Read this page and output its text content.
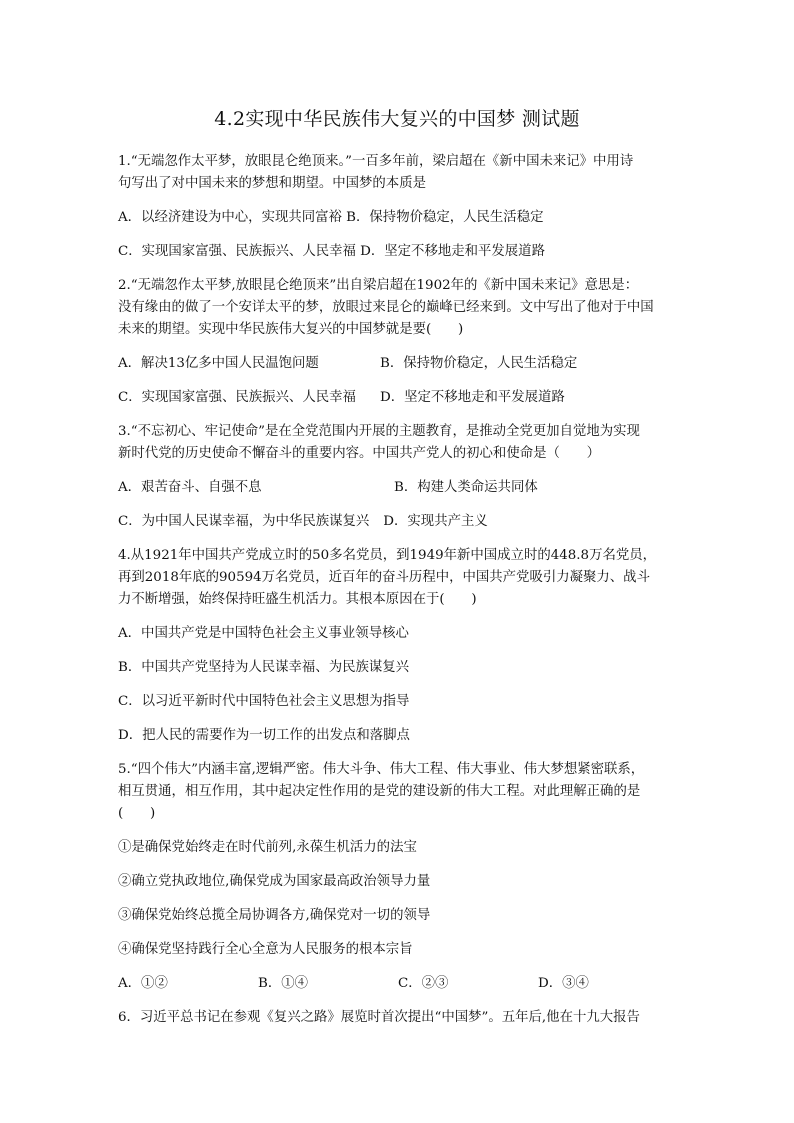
4.2实现中华民族伟大复兴的中国梦 测试题

1.“无端忽作太平梦，放眼昆仑绝顶来。”一百多年前，梁启超在《新中国未来记》中用诗

句写出了对中国未来的梦想和期望。中国梦的本质是

A．以经济建设为中心，实现共同富裕 B．保持物价稳定，人民生活稳定

C．实现国家富强、民族振兴、人民幸福 D．坚定不移地走和平发展道路

2.“无端忽作太平梦,放眼昆仑绝顶来”出自梁启超在1902年的《新中国未来记》意思是：

没有缘由的做了一个安详太平的梦，放眼过来昆仑的巅峰已经来到。文中写出了他对于中国

未来的期望。实现中华民族伟大复兴的中国梦就是要(　　)

A．解决13亿多中国人民温饱问题	B．保持物价稳定，人民生活稳定
C．实现国家富强、民族振兴、人民幸福	D．坚定不移地走和平发展道路

3.“不忘初心、牢记使命”是在全党范围内开展的主题教育，是推动全党更加自觉地为实现

新时代党的历史使命不懈奋斗的重要内容。中国共产党人的初心和使命是（　　）

A．艰苦奋斗、自强不息	B．构建人类命运共同体
C．为中国人民谋幸福，为中华民族谋复兴 D．实现共产主义

4.从1921年中国共产党成立时的50多名党员，到1949年新中国成立时的448.8万名党员，

再到2018年底的90594万名党员，近百年的奋斗历程中，中国共产党吸引力凝聚力、战斗

力不断增强，始终保持旺盛生机活力。其根本原因在于(　　)

A．中国共产党是中国特色社会主义事业领导核心

B．中国共产党坚持为人民谋幸福、为民族谋复兴

C．以习近平新时代中国特色社会主义思想为指导

D．把人民的需要作为一切工作的出发点和落脚点

5.“四个伟大”内涵丰富,逻辑严密。伟大斗争、伟大工程、伟大事业、伟大梦想紧密联系，

相互贯通，相互作用，其中起决定性作用的是党的建设新的伟大工程。对此理解正确的是

(　　)

①是确保党始终走在时代前列,永葆生机活力的法宝

②确立党执政地位,确保党成为国家最高政治领导力量

③确保党始终总揽全局协调各方,确保党对一切的领导

④确保党坚持践行全心全意为人民服务的根本宗旨

A．①②	B．①④	C．②③	D．③④

6．习近平总书记在参观《复兴之路》展览时首次提出“中国梦”。五年后,他在十九大报告
